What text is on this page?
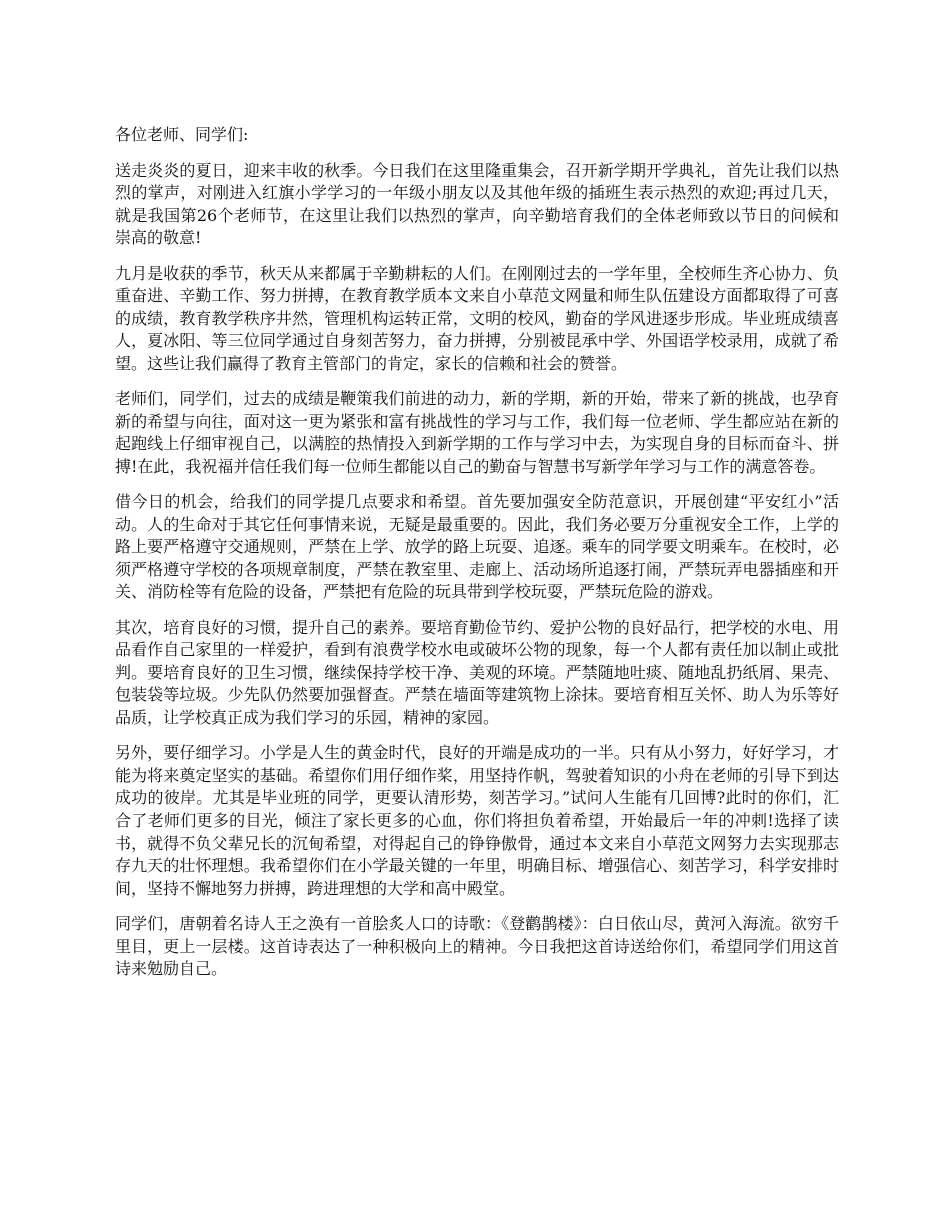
各位老师、同学们:

送走炎炎的夏日，迎来丰收的秋季。今日我们在这里隆重集会，召开新学期开学典礼，首先让我们以热烈的掌声，对刚进入红旗小学学习的一年级小朋友以及其他年级的插班生表示热烈的欢迎;再过几天，就是我国第26个老师节，在这里让我们以热烈的掌声，向辛勤培育我们的全体老师致以节日的问候和崇高的敬意!

九月是收获的季节，秋天从来都属于辛勤耕耘的人们。在刚刚过去的一学年里，全校师生齐心协力、负重奋进、辛勤工作、努力拼搏，在教育教学质本文来自小草范文网量和师生队伍建设方面都取得了可喜的成绩，教育教学秩序井然，管理机构运转正常，文明的校风，勤奋的学风进逐步形成。毕业班成绩喜人，夏冰阳、等三位同学通过自身刻苦努力，奋力拼搏，分别被昆承中学、外国语学校录用，成就了希望。这些让我们赢得了教育主管部门的肯定，家长的信赖和社会的赞誉。

老师们，同学们，过去的成绩是鞭策我们前进的动力，新的学期，新的开始，带来了新的挑战，也孕育新的希望与向往，面对这一更为紧张和富有挑战性的学习与工作，我们每一位老师、学生都应站在新的起跑线上仔细审视自己，以满腔的热情投入到新学期的工作与学习中去，为实现自身的目标而奋斗、拼搏!在此，我祝福并信任我们每一位师生都能以自己的勤奋与智慧书写新学年学习与工作的满意答卷。

借今日的机会，给我们的同学提几点要求和希望。首先要加强安全防范意识，开展创建“平安红小”活动。人的生命对于其它任何事情来说，无疑是最重要的。因此，我们务必要万分重视安全工作，上学的路上要严格遵守交通规则，严禁在上学、放学的路上玩耍、追逐。乘车的同学要文明乘车。在校时，必须严格遵守学校的各项规章制度，严禁在教室里、走廊上、活动场所追逐打闹，严禁玩弄电器插座和开关、消防栓等有危险的设备，严禁把有危险的玩具带到学校玩耍，严禁玩危险的游戏。

其次，培育良好的习惯，提升自己的素养。要培育勤俭节约、爱护公物的良好品行，把学校的水电、用品看作自己家里的一样爱护，看到有浪费学校水电或破坏公物的现象，每一个人都有责任加以制止或批判。要培育良好的卫生习惯，继续保持学校干净、美观的环境。严禁随地吐痰、随地乱扔纸屑、果壳、包装袋等垃圾。少先队仍然要加强督查。严禁在墙面等建筑物上涂抹。要培育相互关怀、助人为乐等好品质，让学校真正成为我们学习的乐园，精神的家园。

另外，要仔细学习。小学是人生的黄金时代，良好的开端是成功的一半。只有从小努力，好好学习，才能为将来奠定坚实的基础。希望你们用仔细作桨，用坚持作帆，驾驶着知识的小舟在老师的引导下到达成功的彼岸。尤其是毕业班的同学，更要认清形势，刻苦学习。”试问人生能有几回博?此时的你们，汇合了老师们更多的目光，倾注了家长更多的心血，你们将担负着希望，开始最后一年的冲刺!选择了读书，就得不负父辈兄长的沉甸希望，对得起自己的铮铮傲骨，通过本文来自小草范文网努力去实现那志存九天的壮怀理想。我希望你们在小学最关键的一年里，明确目标、增强信心、刻苦学习，科学安排时间，坚持不懈地努力拼搏，跨进理想的大学和高中殿堂。

同学们，唐朝着名诗人王之涣有一首脍炙人口的诗歌：《登鹳鹊楼》：白日依山尽，黄河入海流。欲穷千里目，更上一层楼。这首诗表达了一种积极向上的精神。今日我把这首诗送给你们，希望同学们用这首诗来勉励自己。
